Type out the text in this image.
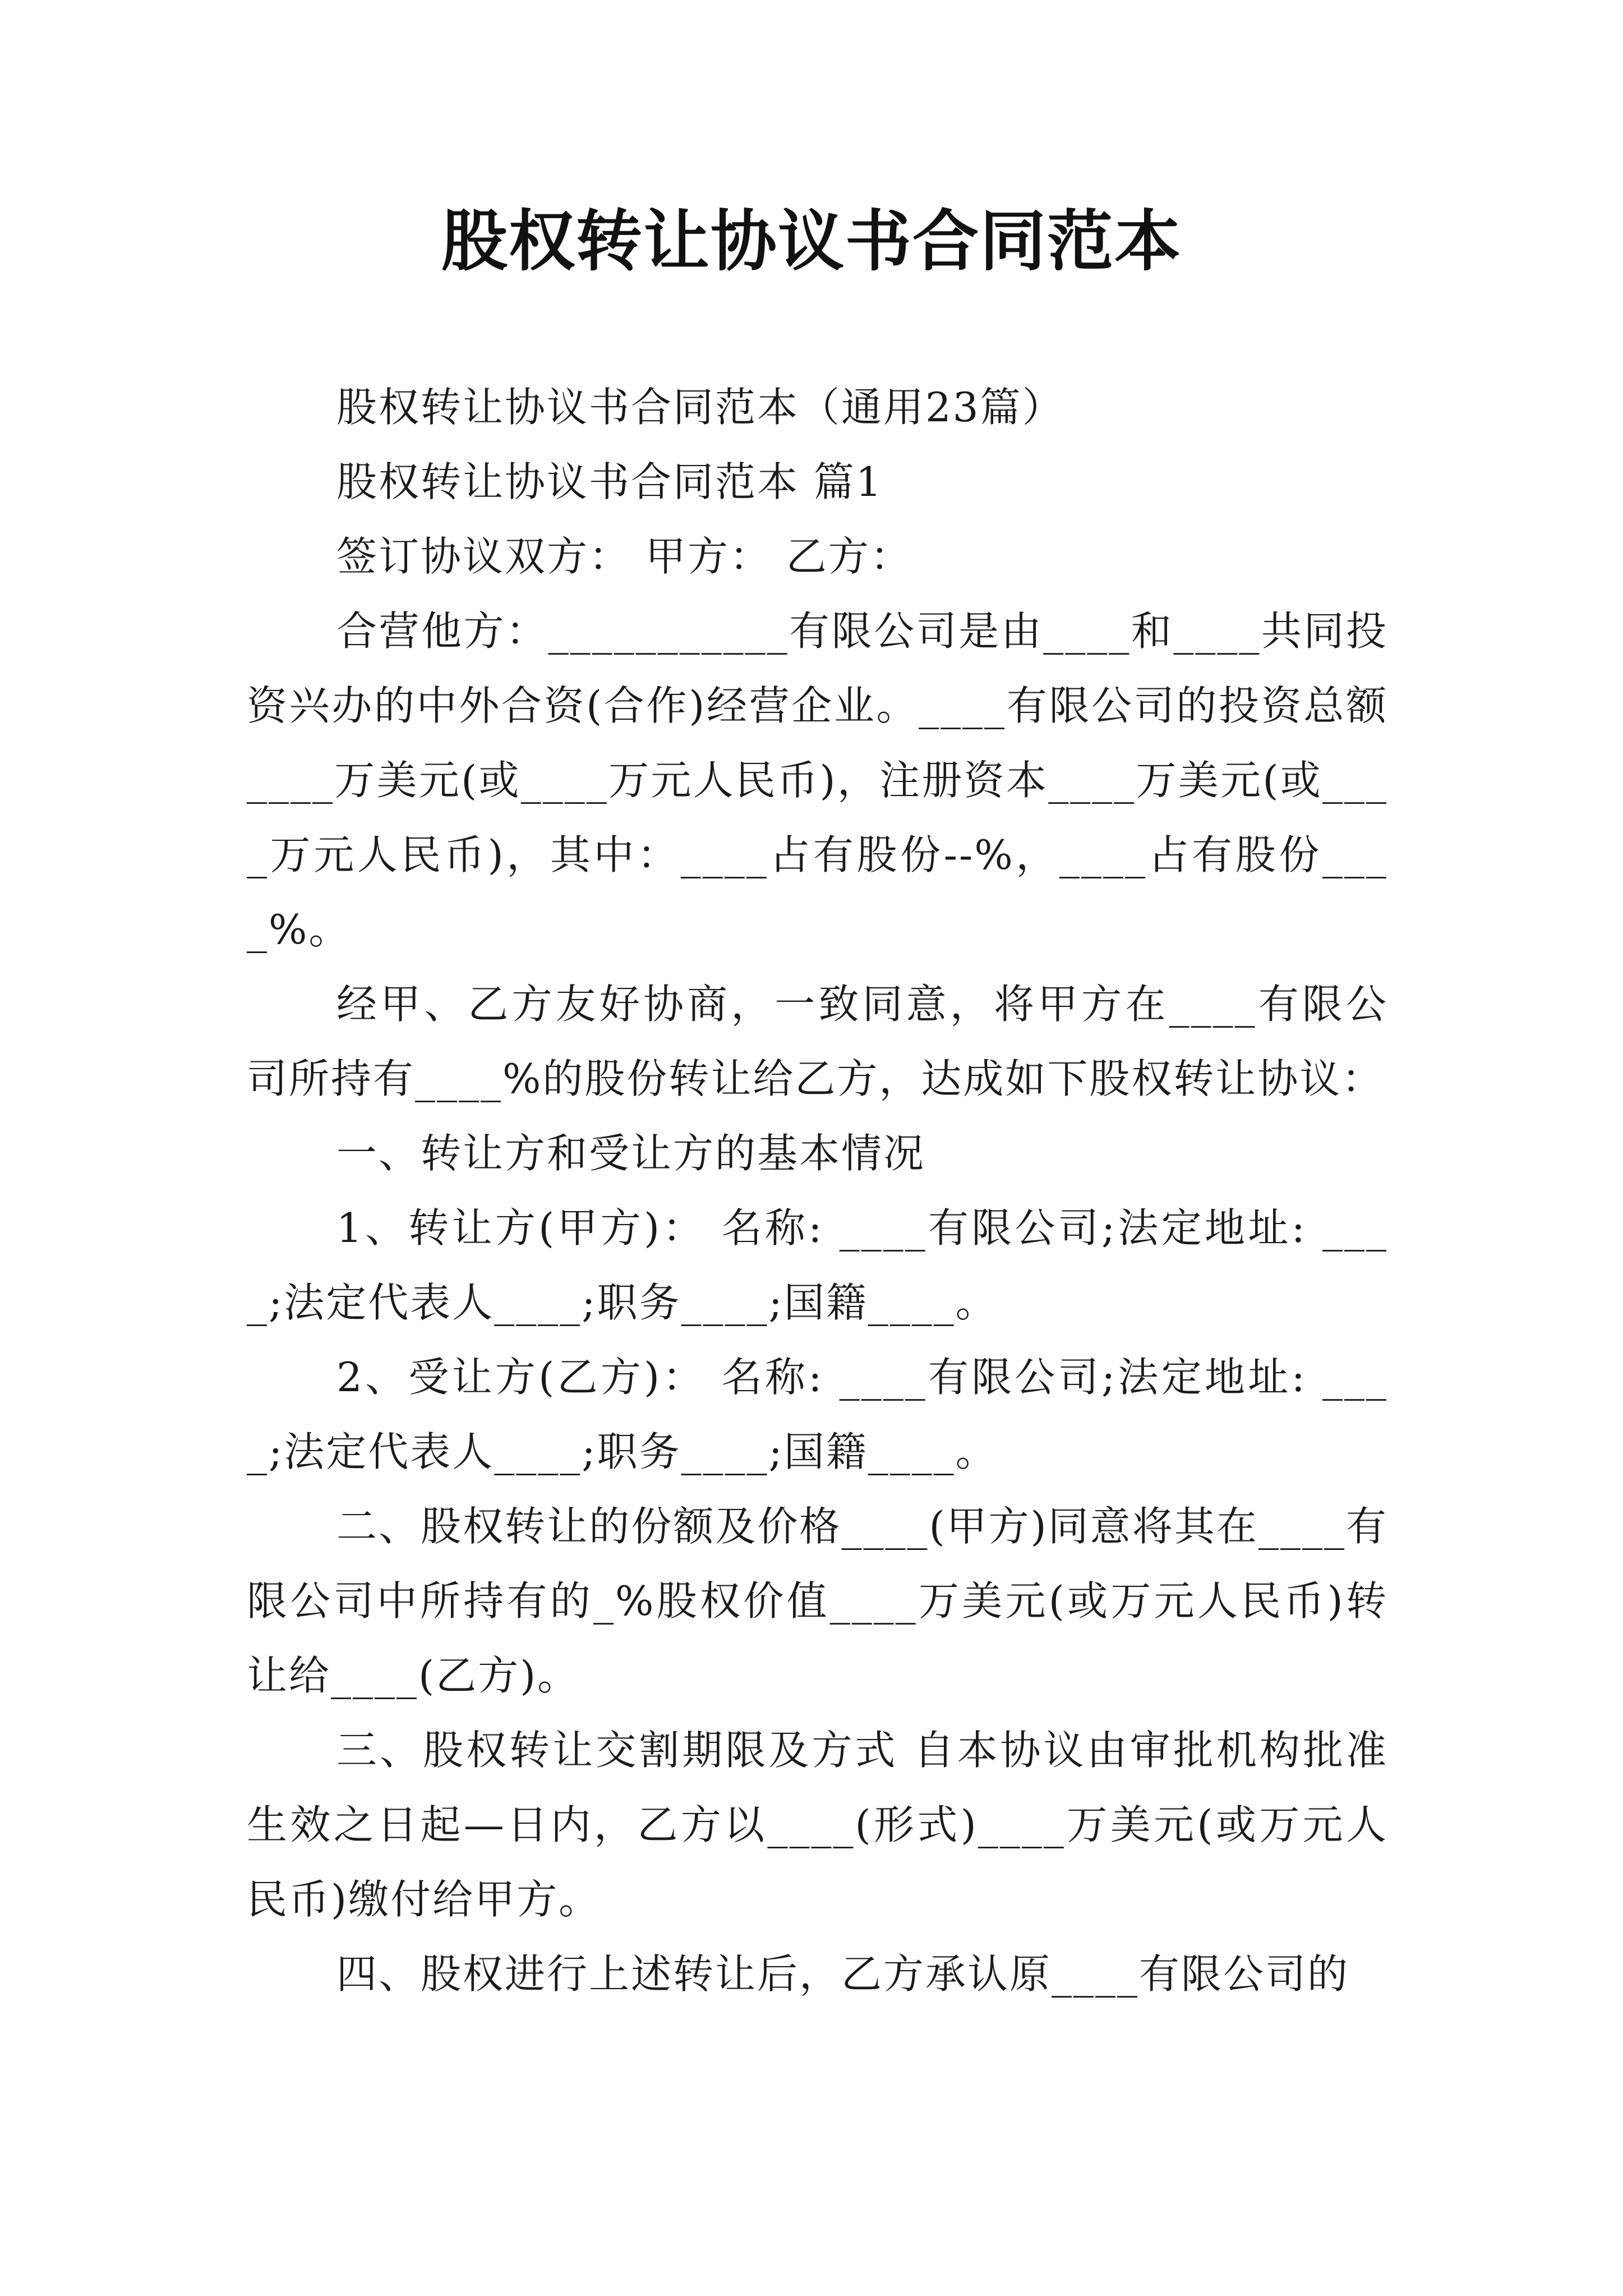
股权转让协议书合同范本

股权转让协议书合同范本（通用23篇）

股权转让协议书合同范本 篇1

签订协议双方： 甲方： 乙方：

合营他方：___________有限公司是由____和____共同投资兴办的中外合资(合作)经营企业。____有限公司的投资总额____万美元(或____万元人民币)，注册资本____万美元(或____万元人民币)，其中：____占有股份--%，____占有股份____%。

经甲、乙方友好协商，一致同意，将甲方在____有限公司所持有____%的股份转让给乙方，达成如下股权转让协议：

一、转让方和受让方的基本情况

1、转让方(甲方)： 名称: ____有限公司;法定地址: ____;法定代表人____;职务____;国籍____。

2、受让方(乙方)： 名称: ____有限公司;法定地址: ____;法定代表人____;职务____;国籍____。

二、股权转让的份额及价格____(甲方)同意将其在____有限公司中所持有的_%股权价值____万美元(或万元人民币)转让给____(乙方)。

三、股权转让交割期限及方式 自本协议由审批机构批准生效之日起—日内，乙方以____(形式)____万美元(或万元人民币)缴付给甲方。

四、股权进行上述转让后，乙方承认原____有限公司的
